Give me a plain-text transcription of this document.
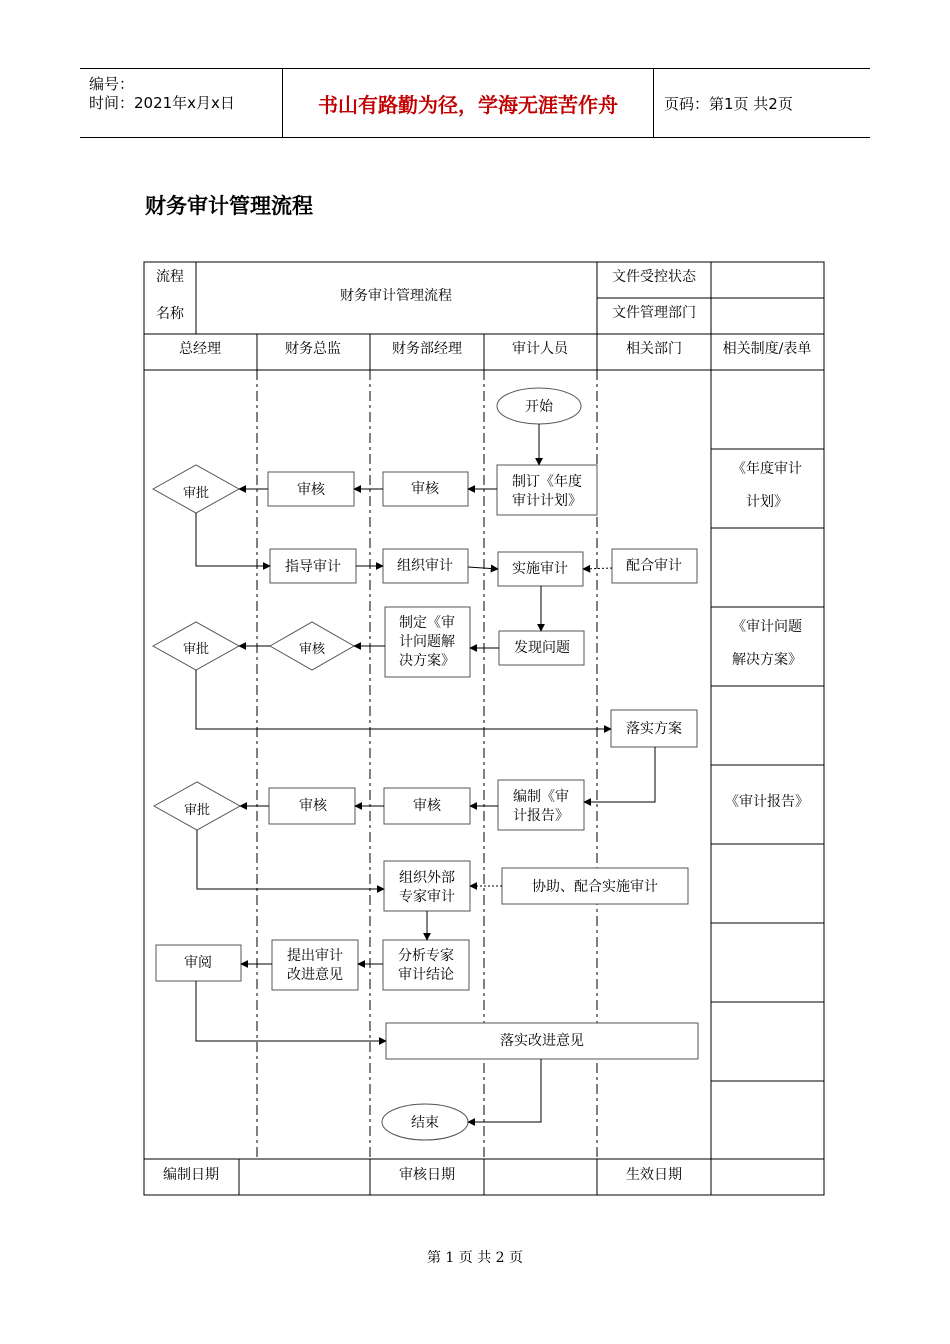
编号：
时间：2021年x月x日	书山有路勤为径，学海无涯苦作舟	页码：第1页 共2页
财务审计管理流程
流程
名称
财务审计管理流程
文件受控状态
文件管理部门
总经理	财务总监	财务部经理	审计人员	相关部门	相关制度/表单
《年度审计
计划》
《审计问题
解决方案》
《审计报告》
编制日期	审核日期	生效日期
开始
审批	审核	审核	制订《年度
审计计划》
指导审计	组织审计	实施审计	配合审计
审批	审核
制定《审
计问题解
决方案》
发现问题
落实方案
审批	审核	审核
编制《审
计报告》
组织外部
专家审计
协助、配合实施审计
审阅	提出审计
改进意见
分析专家
审计结论
落实改进意见
结束
第 1 页 共 2 页
